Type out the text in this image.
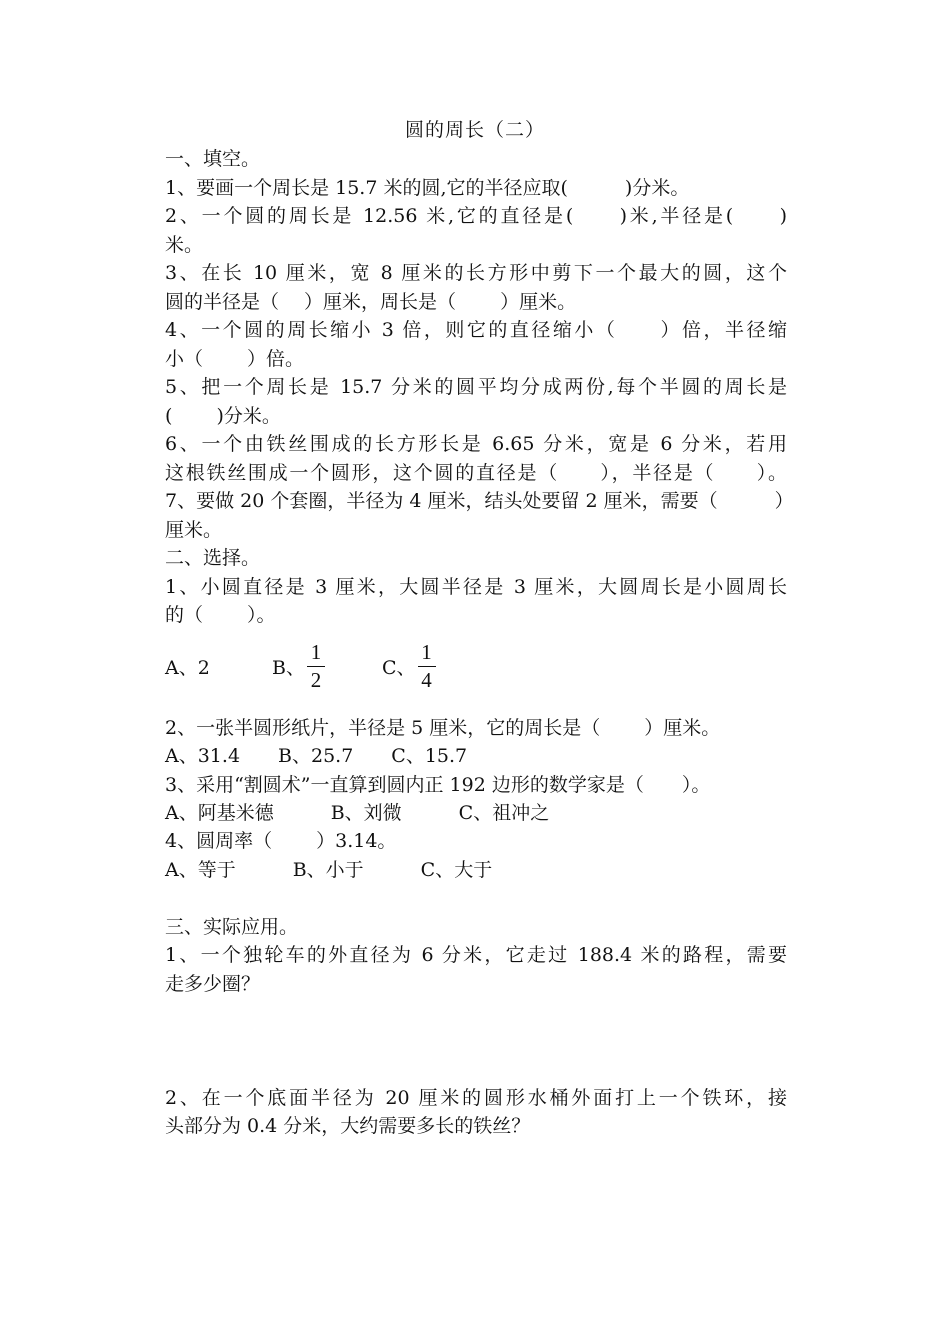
圆的周长（二）
一、填空。
1、要画一个周长是 15.7 米的圆,它的半径应取(　　　)分米。
2、一个圆的周长是 12.56 米,它的直径是(　　)米,半径是(　　)
米。
3、在长 10 厘米，宽 8 厘米的长方形中剪下一个最大的圆，这个
圆的半径是（　 ）厘米，周长是（　　 ）厘米。
4、一个圆的周长缩小 3 倍，则它的直径缩小（　　）倍，半径缩
小（　　 ）倍。
5、把一个周长是 15.7 分米的圆平均分成两份,每个半圆的周长是
(　　 )分米。
6、一个由铁丝围成的长方形长是 6.65 分米，宽是 6 分米，若用
这根铁丝围成一个圆形，这个圆的直径是（　　），半径是（　　）。
7、要做 20 个套圈，半径为 4 厘米，结头处要留 2 厘米，需要（　　　）
厘米。
二、选择。
1、小圆直径是 3 厘米，大圆半径是 3 厘米，大圆周长是小圆周长
的（　　 ）。
A、2	B、 $\frac{1}{2}$	C、 $\frac{1}{4}$
2、一张半圆形纸片，半径是 5 厘米，它的周长是（　　 ）厘米。
A、31.4　　B、25.7　　C、15.7
3、采用“割圆术”一直算到圆内正 192 边形的数学家是（　　）。
A、阿基米德　　　B、刘微　　　C、祖冲之
4、圆周率（　　 ）3.14。
A、等于　　　B、小于　　　C、大于
三、实际应用。
1、一个独轮车的外直径为 6 分米，它走过 188.4 米的路程，需要
走多少圈？
2、在一个底面半径为 20 厘米的圆形水桶外面打上一个铁环，接
头部分为 0.4 分米，大约需要多长的铁丝？
